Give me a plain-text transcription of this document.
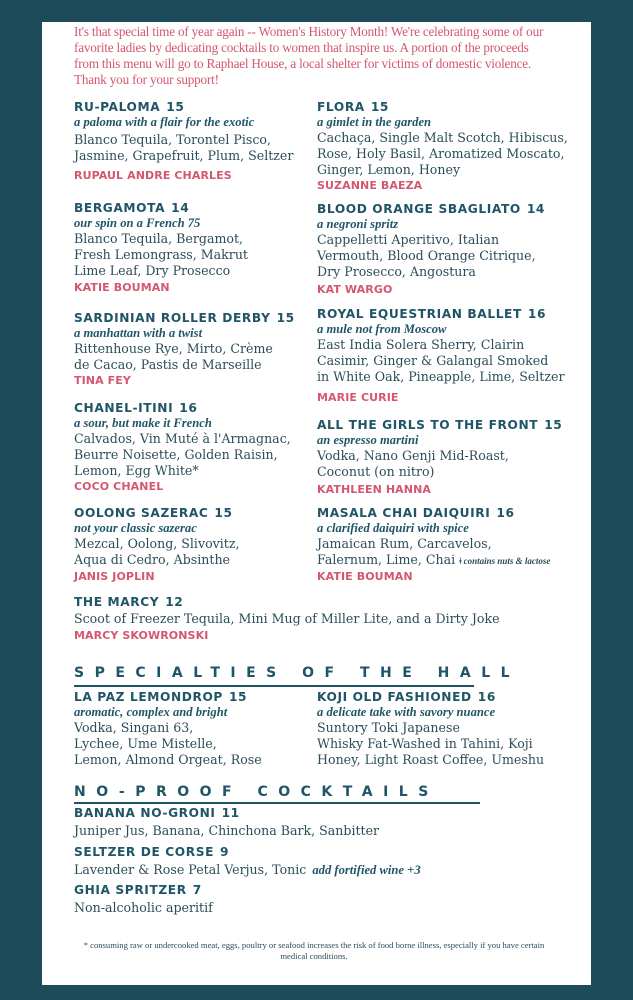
It's that special time of year again -- Women's History Month! We're celebrating some of our favorite ladies by dedicating cocktails to women that inspire us. A portion of the proceeds from this menu will go to Raphael House, a local shelter for victims of domestic violence. Thank you for your support!
RU-PALOMA 15
a paloma with a flair for the exotic
Blanco Tequila, Torontel Pisco,
Jasmine, Grapefruit, Plum, Seltzer
RUPAUL ANDRE CHARLES
FLORA 15
a gimlet in the garden
Cachaça, Single Malt Scotch, Hibiscus,
Rose, Holy Basil, Aromatized Moscato,
Ginger, Lemon, Honey
SUZANNE BAEZA
BERGAMOTA 14
our spin on a French 75
Blanco Tequila, Bergamot,
Fresh Lemongrass, Makrut
Lime Leaf, Dry Prosecco
KATIE BOUMAN
BLOOD ORANGE SBAGLIATO 14
a negroni spritz
Cappelletti Aperitivo, Italian
Vermouth, Blood Orange Citrique,
Dry Prosecco, Angostura
KAT WARGO
SARDINIAN ROLLER DERBY 15
a manhattan with a twist
Rittenhouse Rye, Mirto, Crème
de Cacao, Pastis de Marseille
TINA FEY
ROYAL EQUESTRIAN BALLET 16
a mule not from Moscow
East India Solera Sherry, Clairin
Casimir, Ginger & Galangal Smoked
in White Oak, Pineapple, Lime, Seltzer
MARIE CURIE
CHANEL-ITINI 16
a sour, but make it French
Calvados, Vin Muté à l'Armagnac,
Beurre Noisette, Golden Raisin,
Lemon, Egg White*
COCO CHANEL
ALL THE GIRLS TO THE FRONT 15
an espresso martini
Vodka, Nano Genji Mid-Roast,
Coconut (on nitro)
KATHLEEN HANNA
OOLONG SAZERAC 15
not your classic sazerac
Mezcal, Oolong, Slivovitz,
Aqua di Cedro, Absinthe
JANIS JOPLIN
MASALA CHAI DAIQUIRI 16
a clarified daiquiri with spice
Jamaican Rum, Carcavelos,
Falernum, Lime, Chai ǂ contains nuts & lactose
KATIE BOUMAN
THE MARCY 12
Scoot of Freezer Tequila, Mini Mug of Miller Lite, and a Dirty Joke
MARCY SKOWRONSKI
SPECIALTIES OF THE HALL
LA PAZ LEMONDROP 15
aromatic, complex and bright
Vodka, Singani 63,
Lychee, Ume Mistelle,
Lemon, Almond Orgeat, Rose
KOJI OLD FASHIONED 16
a delicate take with savory nuance
Suntory Toki Japanese
Whisky Fat-Washed in Tahini, Koji
Honey, Light Roast Coffee, Umeshu
NO-PROOF COCKTAILS
BANANA NO-GRONI 11
Juniper Jus, Banana, Chinchona Bark, Sanbitter
SELTZER DE CORSE 9
Lavender & Rose Petal Verjus, Tonic add fortified wine +3
GHIA SPRITZER 7
Non-alcoholic aperitif
* consuming raw or undercooked meat, eggs, poultry or seafood increases the risk of food borne illness, especially if you have certain medical conditions.
